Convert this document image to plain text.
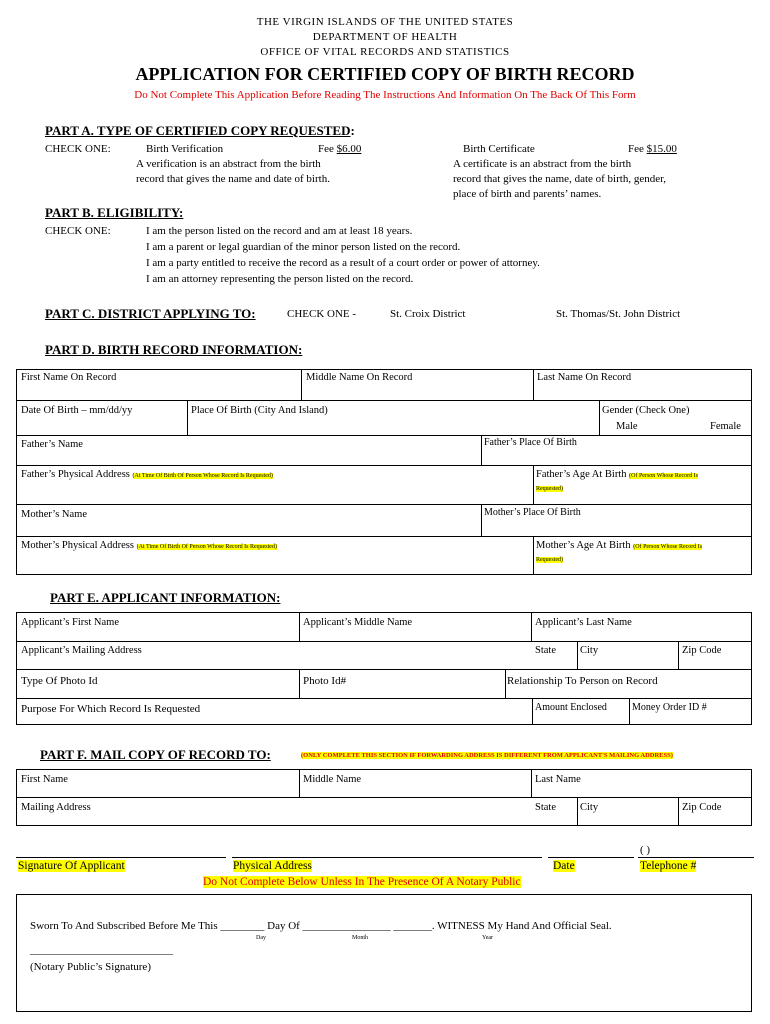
THE VIRGIN ISLANDS OF THE UNITED STATES
DEPARTMENT OF HEALTH
OFFICE OF VITAL RECORDS AND STATISTICS
APPLICATION FOR CERTIFIED COPY OF BIRTH RECORD
Do Not Complete This Application Before Reading The Instructions And Information On The Back Of This Form
PART A. TYPE OF CERTIFIED COPY REQUESTED:
CHECK ONE:	Birth Verification	Fee $6.00
A verification is an abstract from the birth
record that gives the name and date of birth.
Birth Certificate	Fee $15.00
A certificate is an abstract from the birth
record that gives the name, date of birth, gender,
place of birth and parents’ names.
PART B. ELIGIBILITY:
CHECK ONE:	I am the person listed on the record and am at least 18 years.
I am a parent or legal guardian of the minor person listed on the record.
I am a party entitled to receive the record as a result of a court order or power of attorney.
I am an attorney representing the person listed on the record.
PART C. DISTRICT APPLYING TO:	CHECK ONE -	St. Croix District	St. Thomas/St. John District
PART D. BIRTH RECORD INFORMATION:
First Name On Record	Middle Name On Record	Last Name On Record
Date Of Birth – mm/dd/yy	Place Of Birth (City And Island)	Gender (Check One)
Male	Female
Father’s Name	Father’s Place Of Birth
Father’s Physical Address (At Time Of Birth Of Person Whose Record Is Requested)	Father’s Age At Birth (Of Person Whose Record Is
Requested)
Mother’s Name	Mother’s Place Of Birth
Mother’s Physical Address (At Time Of Birth Of Person Whose Record Is Requested)	Mother’s Age At Birth (Of Person Whose Record Is
Requested)
PART E. APPLICANT INFORMATION:
Applicant’s First Name	Applicant’s Middle Name	Applicant’s Last Name
Applicant’s Mailing Address	State City	Zip Code
Type Of Photo Id	Photo Id#	Relationship To Person on Record
Purpose For Which Record Is Requested	Amount Enclosed	Money Order ID #
PART F. MAIL COPY OF RECORD TO:	(ONLY COMPLETE THIS SECTION IF FORWARDING ADDRESS IS DIFFERENT FROM APPLICANT'S MAILING ADDRESS)
First Name	Middle Name	Last Name
Mailing Address	State City	Zip Code
( )
Signature Of Applicant	Physical Address	Date	Telephone #
Do Not Complete Below Unless In The Presence Of A Notary Public
Sworn To And Subscribed Before Me This ________ Day Of ________________ _______. WITNESS My Hand And Official Seal.
Day	Month	Year
__________________________
(Notary Public’s Signature)
